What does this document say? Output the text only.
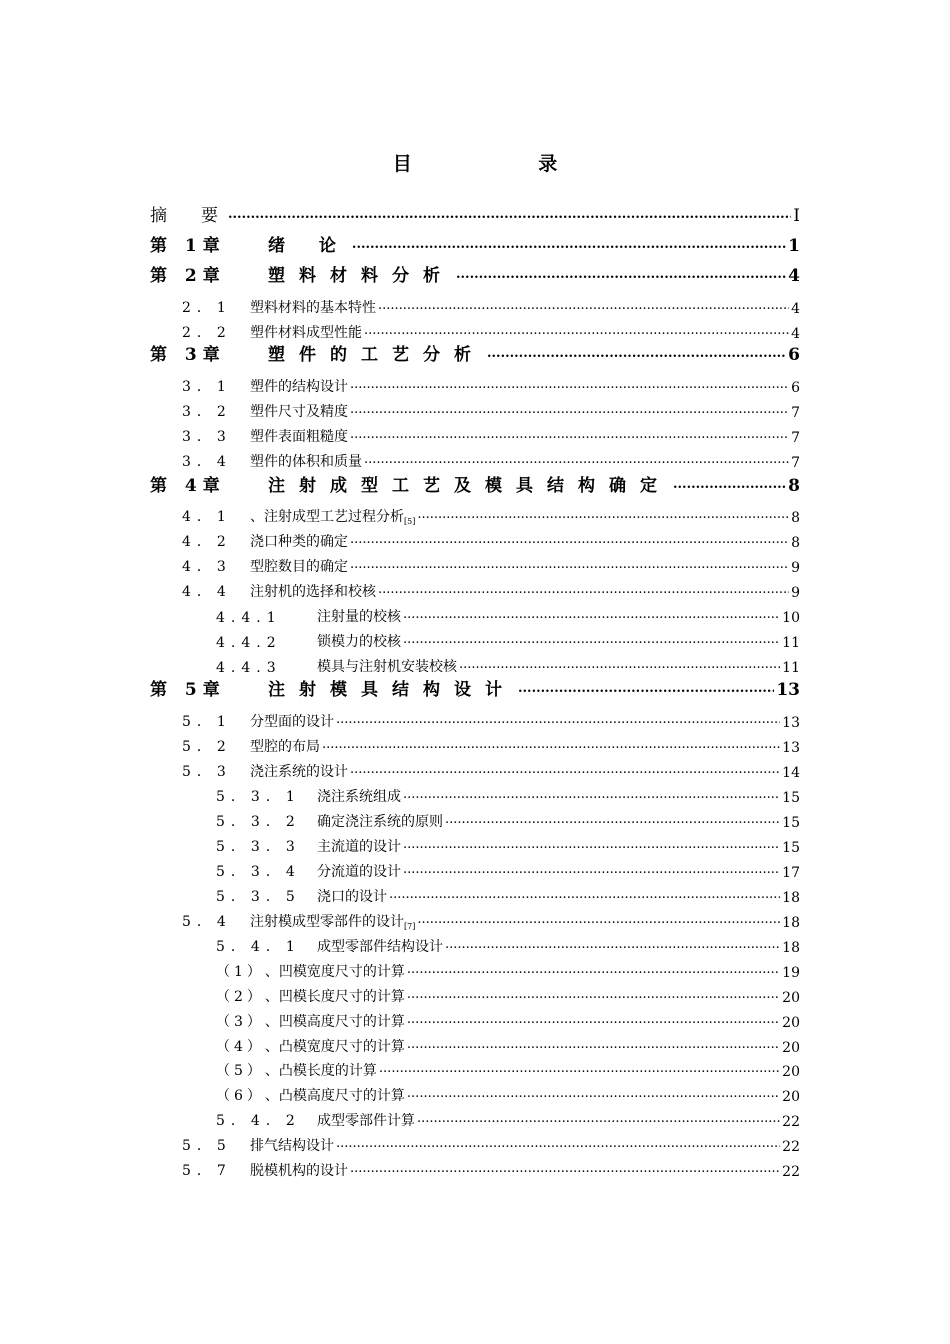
目 录
摘　　要 .....	I
第 1章 绪 论 .....	1
第 2章 塑料材料分析 .....	4
2．1 塑料材料的基本特性 .....	4
2．2 塑件材料成型性能 .....	4
第 3章 塑件的工艺分析 .....	6
3．1 塑件的结构设计 .....	6
3．2 塑件尺寸及精度 .....	7
3．3 塑件表面粗糙度 .....	7
3．4 塑件的体积和质量 .....	7
第 4章 注射成型工艺及模具结构确定 .....	8
4．1 、注射成型工艺过程分析$_{[5]}$ .....	8
4．2 浇口种类的确定 .....	8
4．3 型腔数目的确定 .....	9
4．4 注射机的选择和校核 .....	9
4.4.1	注射量的校核 .....	10
4.4.2	锁模力的校核 .....	11
4.4.3	模具与注射机安装校核 .....	11
第 5章 注射模具结构设计 .....	13
5．1 分型面的设计 .....	13
5．2 型腔的布局 .....	13
5．3 浇注系统的设计 .....	14
5．3．1 浇注系统组成 .....	15
5．3．2 确定浇注系统的原则 .....	15
5．3．3 主流道的设计 .....	15
5．3．4 分流道的设计 .....	17
5．3．5 浇口的设计 .....	18
5．4 注射模成型零部件的设计$_{[7]}$ .....	18
5．4．1 成型零部件结构设计 .....	18
（1） 、凹模宽度尺寸的计算 .....	19
（2） 、凹模长度尺寸的计算 .....	20
（3） 、凹模高度尺寸的计算 .....	20
（4） 、凸模宽度尺寸的计算 .....	20
（5） 、凸模长度的计算 .....	20
（6） 、凸模高度尺寸的计算 .....	20
5．4．2 成型零部件计算 .....	22
5．5 排气结构设计 .....	22
5．7 脱模机构的设计 .....	22
